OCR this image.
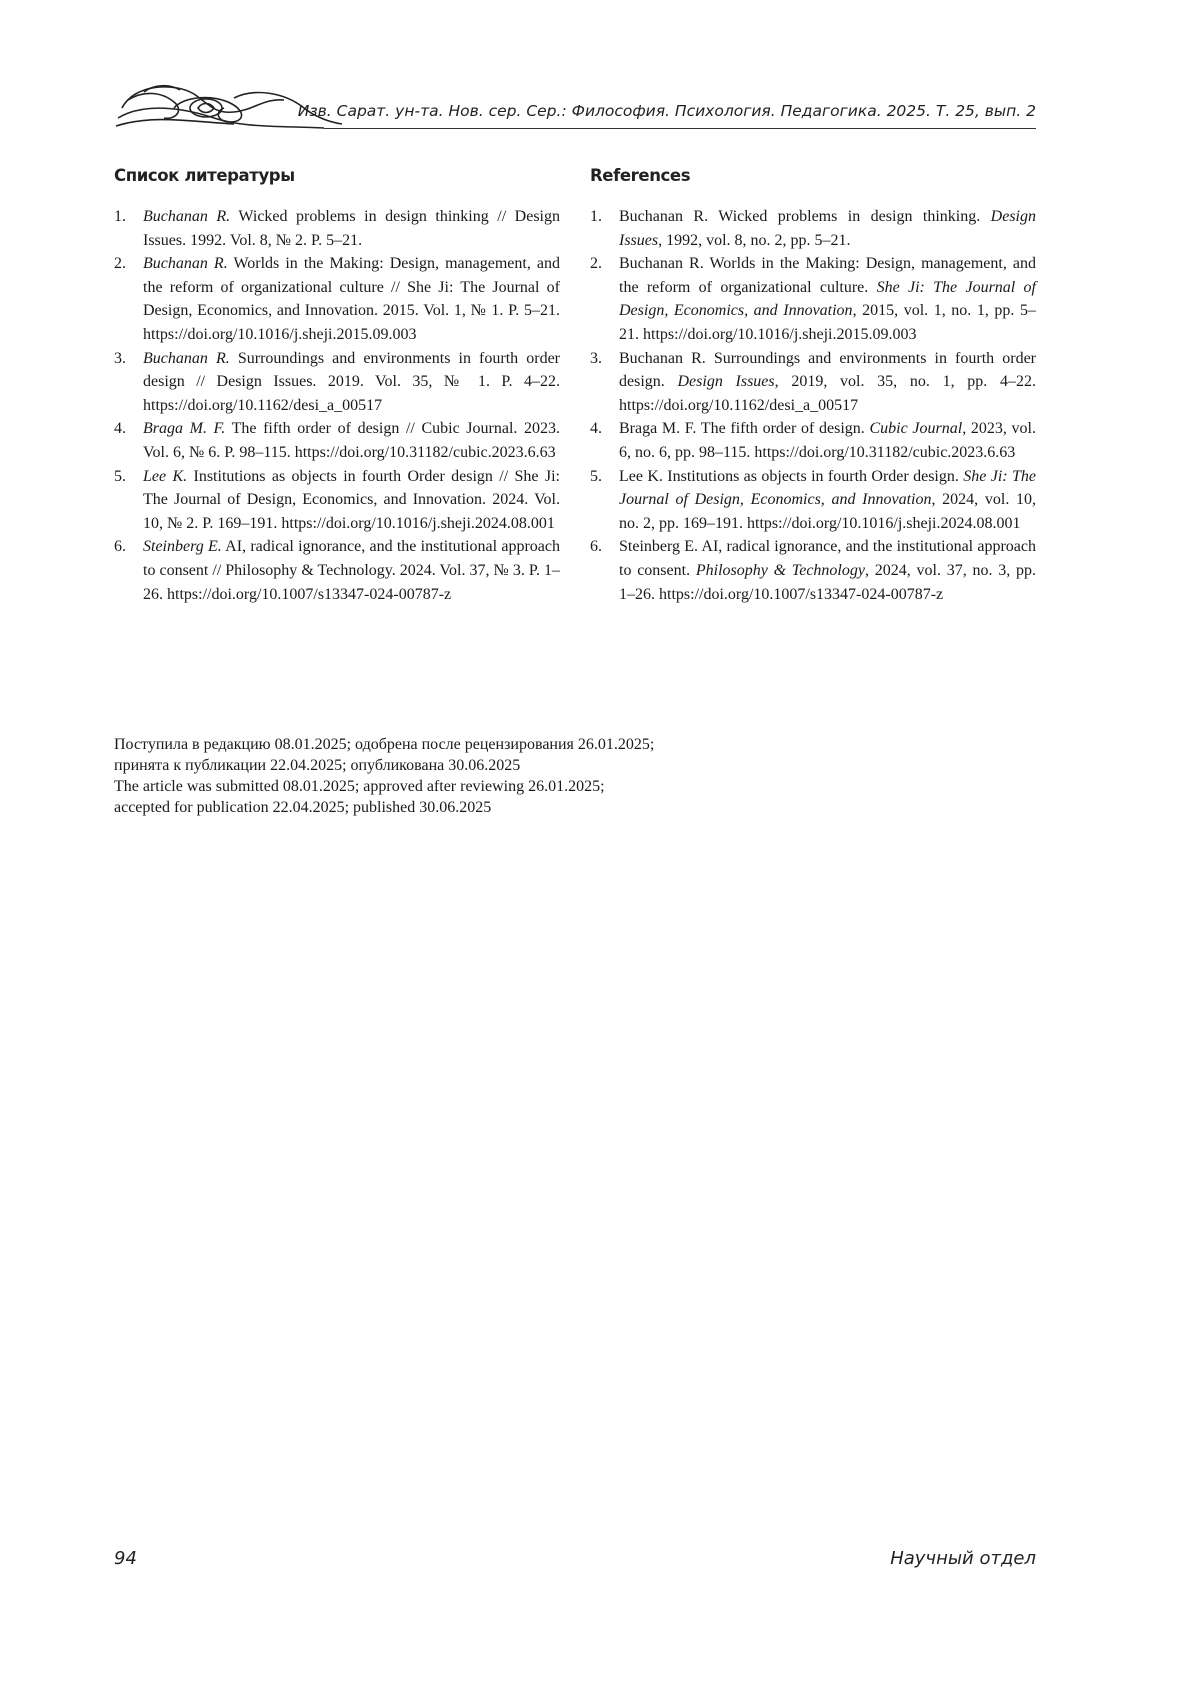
Изв. Сарат. ун-та. Нов. сер. Сер.: Философия. Психология. Педагогика. 2025. Т. 25, вып. 2
Список литературы
1. Buchanan R. Wicked problems in design thinking // Design Issues. 1992. Vol. 8, № 2. P. 5–21.
2. Buchanan R. Worlds in the Making: Design, management, and the reform of organizational culture // She Ji: The Journal of Design, Economics, and Innovation. 2015. Vol. 1, № 1. P. 5–21. https://doi.org/10.1016/j.sheji.2015.09.003
3. Buchanan R. Surroundings and environments in fourth order design // Design Issues. 2019. Vol. 35, № 1. P. 4–22. https://doi.org/10.1162/desi_a_00517
4. Braga M. F. The fifth order of design // Cubic Journal. 2023. Vol. 6, № 6. P. 98–115. https://doi.org/10.31182/cubic.2023.6.63
5. Lee K. Institutions as objects in fourth Order design // She Ji: The Journal of Design, Economics, and Innovation. 2024. Vol. 10, № 2. P. 169–191. https://doi.org/10.1016/j.sheji.2024.08.001
6. Steinberg E. AI, radical ignorance, and the institutional approach to consent // Philosophy & Technology. 2024. Vol. 37, № 3. P. 1–26. https://doi.org/10.1007/s13347-024-00787-z
References
1. Buchanan R. Wicked problems in design thinking. Design Issues, 1992, vol. 8, no. 2, pp. 5–21.
2. Buchanan R. Worlds in the Making: Design, management, and the reform of organizational culture. She Ji: The Journal of Design, Economics, and Innovation, 2015, vol. 1, no. 1, pp. 5–21. https://doi.org/10.1016/j.sheji.2015.09.003
3. Buchanan R. Surroundings and environments in fourth order design. Design Issues, 2019, vol. 35, no. 1, pp. 4–22. https://doi.org/10.1162/desi_a_00517
4. Braga M. F. The fifth order of design. Cubic Journal, 2023, vol. 6, no. 6, pp. 98–115. https://doi.org/10.31182/cubic.2023.6.63
5. Lee K. Institutions as objects in fourth Order design. She Ji: The Journal of Design, Economics, and Innovation, 2024, vol. 10, no. 2, pp. 169–191. https://doi.org/10.1016/j.sheji.2024.08.001
6. Steinberg E. AI, radical ignorance, and the institutional approach to consent. Philosophy & Technology, 2024, vol. 37, no. 3, pp. 1–26. https://doi.org/10.1007/s13347-024-00787-z
Поступила в редакцию 08.01.2025; одобрена после рецензирования 26.01.2025;
принята к публикации 22.04.2025; опубликована 30.06.2025
The article was submitted 08.01.2025; approved after reviewing 26.01.2025;
accepted for publication 22.04.2025; published 30.06.2025
94	Научный отдел
